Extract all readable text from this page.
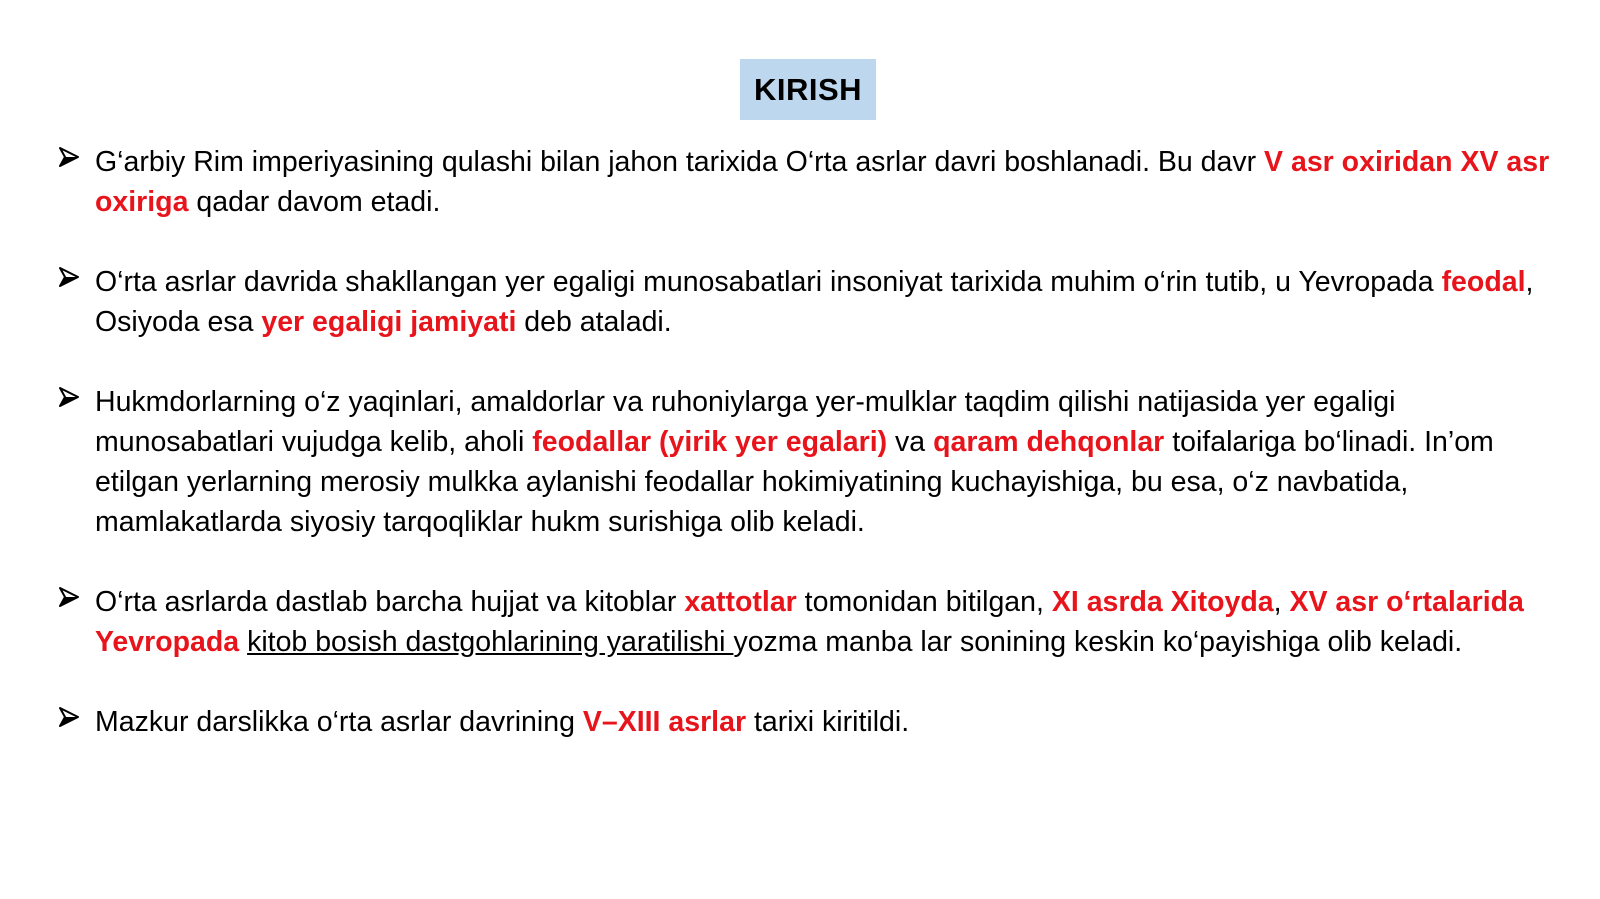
KIRISH
G‘arbiy Rim imperiyasining qulashi bilan jahon tarixida O‘rta asrlar davri boshlanadi. Bu davr V asr oxiridan XV asr oxiriga qadar davom etadi.
O‘rta asrlar davrida shakllangan yer egaligi munosabatlari insoniyat tarixida muhim o‘rin tutib, u Yevropada feodal, Osiyoda esa yer egaligi jamiyati deb ataladi.
Hukmdorlarning o‘z yaqinlari, amaldorlar va ruhoniylarga yer-mulklar taqdim qilishi natijasida yer egaligi munosabatlari vujudga kelib, aholi feodallar (yirik yer egalari) va qaram dehqonlar toifalariga bo‘linadi. In’om etilgan yerlarning merosiy mulkka aylanishi feodallar hokimiyatining kuchayishiga, bu esa, o‘z navbatida, mamlakatlarda siyosiy tarqoqliklar hukm surishiga olib keladi.
O‘rta asrlarda dastlab barcha hujjat va kitoblar xattotlar tomonidan bitilgan, XI asrda Xitoyda, XV asr o‘rtalarida Yevropada kitob bosish dastgohlarining yaratilishi yozma manba lar sonining keskin ko‘payishiga olib keladi.
Mazkur darslikka o‘rta asrlar davrining V–XIII asrlar tarixi kiritildi.
